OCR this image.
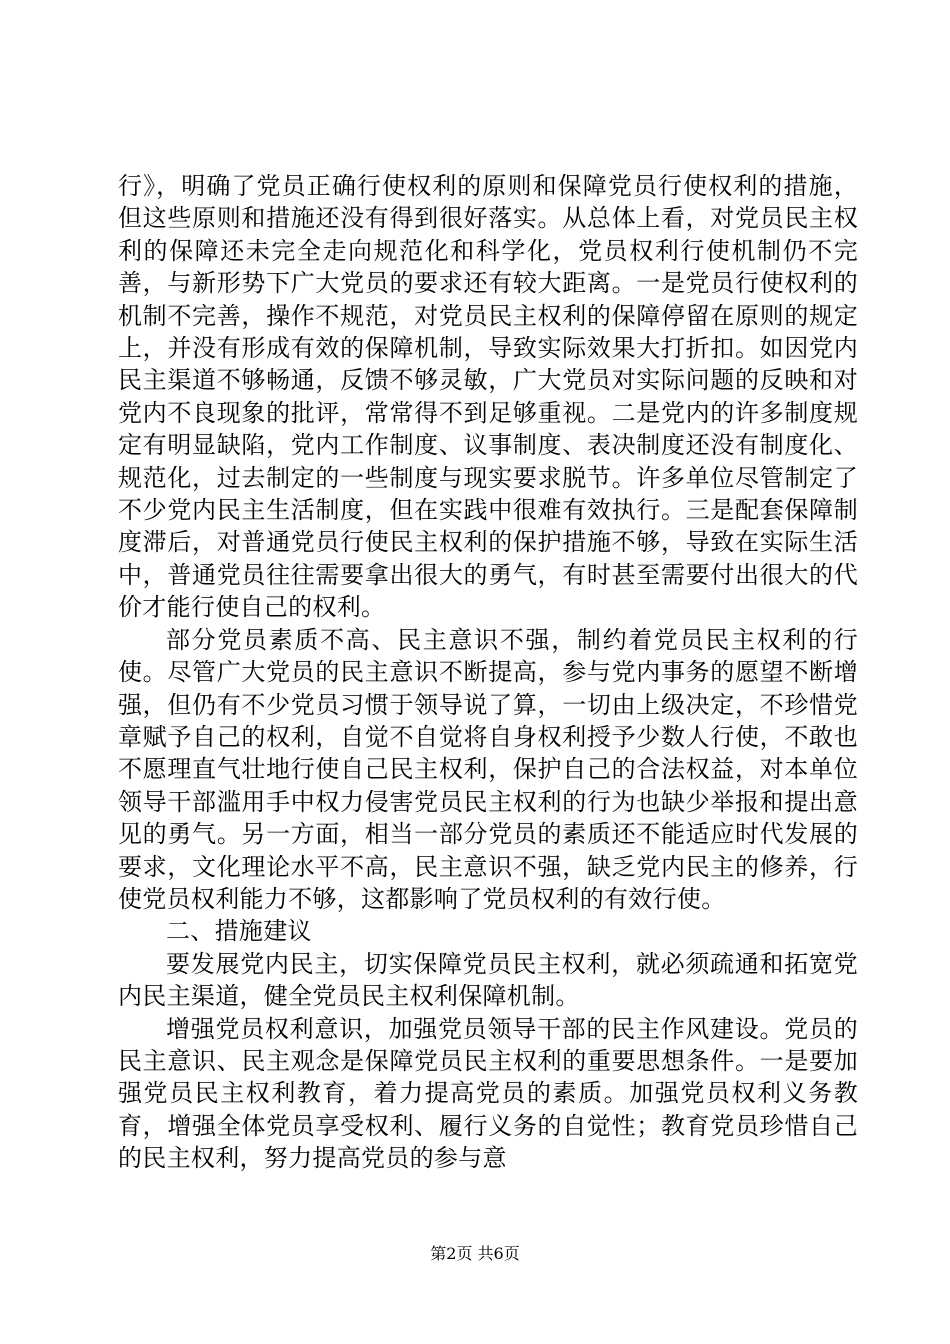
行》，明确了党员正确行使权利的原则和保障党员行使权利的措施，但这些原则和措施还没有得到很好落实。从总体上看，对党员民主权利的保障还未完全走向规范化和科学化，党员权利行使机制仍不完善，与新形势下广大党员的要求还有较大距离。一是党员行使权利的机制不完善，操作不规范，对党员民主权利的保障停留在原则的规定上，并没有形成有效的保障机制，导致实际效果大打折扣。如因党内民主渠道不够畅通，反馈不够灵敏，广大党员对实际问题的反映和对党内不良现象的批评，常常得不到足够重视。二是党内的许多制度规定有明显缺陷，党内工作制度、议事制度、表决制度还没有制度化、规范化，过去制定的一些制度与现实要求脱节。许多单位尽管制定了不少党内民主生活制度，但在实践中很难有效执行。三是配套保障制度滞后，对普通党员行使民主权利的保护措施不够，导致在实际生活中，普通党员往往需要拿出很大的勇气，有时甚至需要付出很大的代价才能行使自己的权利。

部分党员素质不高、民主意识不强，制约着党员民主权利的行使。尽管广大党员的民主意识不断提高，参与党内事务的愿望不断增强，但仍有不少党员习惯于领导说了算，一切由上级决定，不珍惜党章赋予自己的权利，自觉不自觉将自身权利授予少数人行使，不敢也不愿理直气壮地行使自己民主权利，保护自己的合法权益，对本单位领导干部滥用手中权力侵害党员民主权利的行为也缺少举报和提出意见的勇气。另一方面，相当一部分党员的素质还不能适应时代发展的要求，文化理论水平不高，民主意识不强，缺乏党内民主的修养，行使党员权利能力不够，这都影响了党员权利的有效行使。

二、措施建议

要发展党内民主，切实保障党员民主权利，就必须疏通和拓宽党内民主渠道，健全党员民主权利保障机制。

增强党员权利意识，加强党员领导干部的民主作风建设。党员的民主意识、民主观念是保障党员民主权利的重要思想条件。一是要加强党员民主权利教育，着力提高党员的素质。加强党员权利义务教育，增强全体党员享受权利、履行义务的自觉性；教育党员珍惜自己的民主权利，努力提高党员的参与意

第2页 共6页
